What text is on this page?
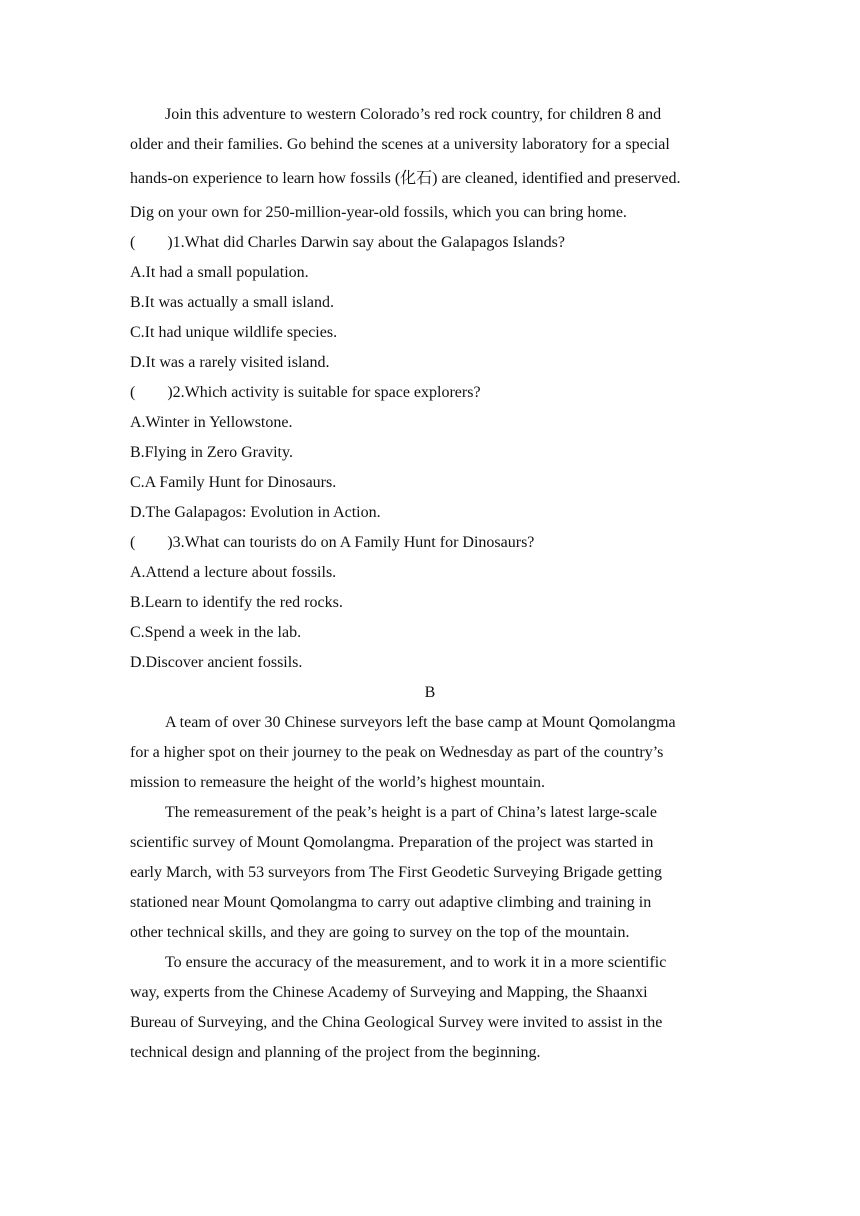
Join this adventure to western Colorado’s red rock country, for children 8 and

older and their families. Go behind the scenes at a university laboratory for a special

hands-on experience to learn how fossils (化石) are cleaned, identified and preserved.

Dig on your own for 250-million-year-old fossils, which you can bring home.

(        )1.What did Charles Darwin say about the Galapagos Islands?

A.It had a small population.

B.It was actually a small island.

C.It had unique wildlife species.

D.It was a rarely visited island.

(        )2.Which activity is suitable for space explorers?

A.Winter in Yellowstone.

B.Flying in Zero Gravity.

C.A Family Hunt for Dinosaurs.

D.The Galapagos: Evolution in Action.

(        )3.What can tourists do on A Family Hunt for Dinosaurs?

A.Attend a lecture about fossils.

B.Learn to identify the red rocks.

C.Spend a week in the lab.

D.Discover ancient fossils.

B

A team of over 30 Chinese surveyors left the base camp at Mount Qomolangma

for a higher spot on their journey to the peak on Wednesday as part of the country’s

mission to remeasure the height of the world’s highest mountain.

The remeasurement of the peak’s height is a part of China’s latest large-scale

scientific survey of Mount Qomolangma. Preparation of the project was started in

early March, with 53 surveyors from The First Geodetic Surveying Brigade getting

stationed near Mount Qomolangma to carry out adaptive climbing and training in

other technical skills, and they are going to survey on the top of the mountain.

To ensure the accuracy of the measurement, and to work it in a more scientific

way, experts from the Chinese Academy of Surveying and Mapping, the Shaanxi

Bureau of Surveying, and the China Geological Survey were invited to assist in the

technical design and planning of the project from the beginning.
